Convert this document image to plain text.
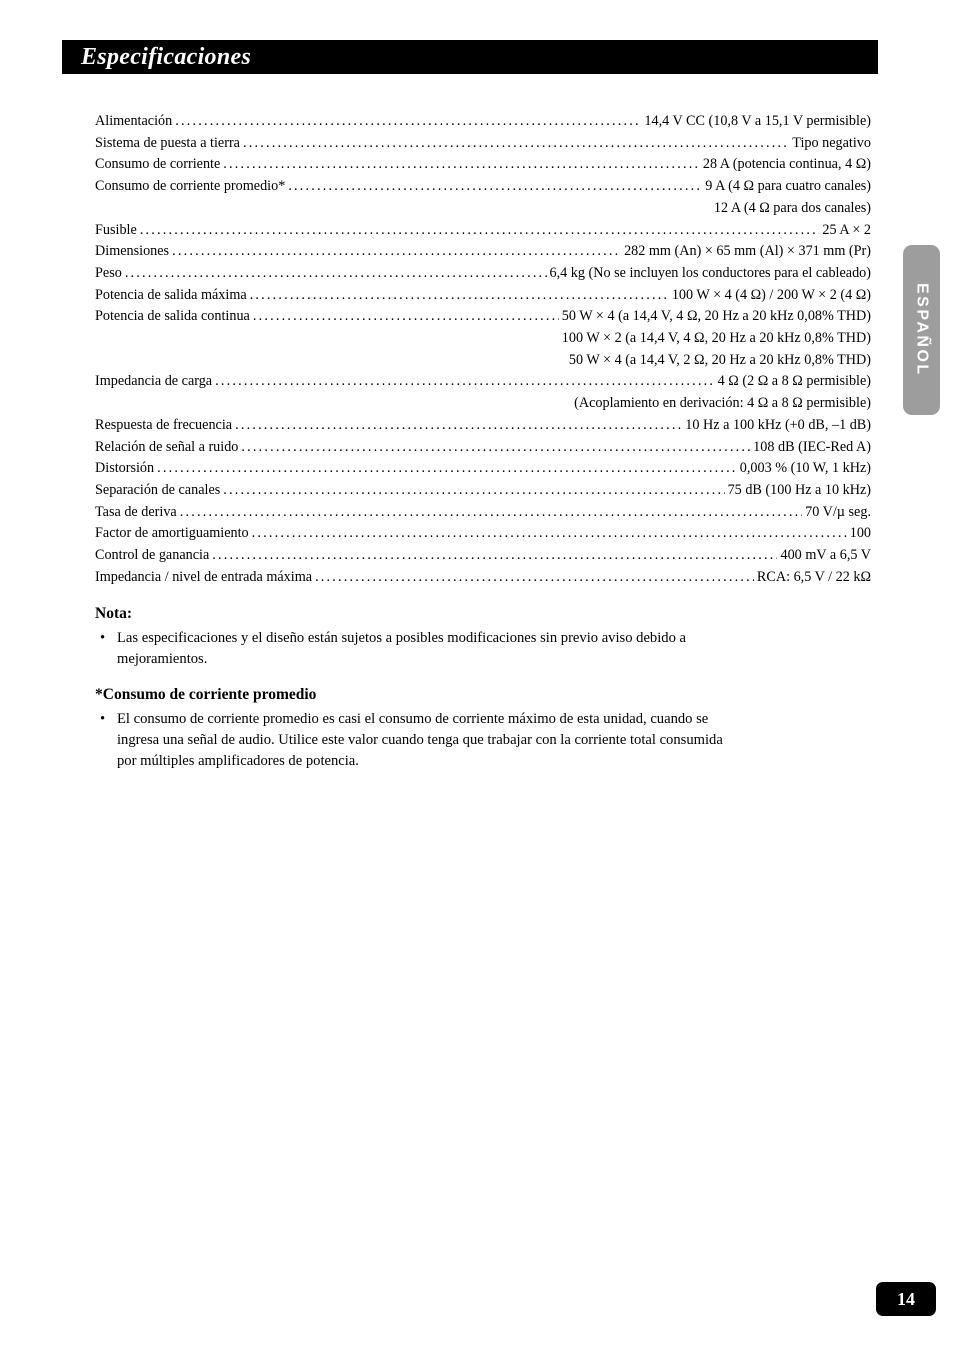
Especificaciones
Alimentación .....	14,4 V CC (10,8 V a 15,1 V permisible)
Sistema de puesta a tierra .....	Tipo negativo
Consumo de corriente .....	28 A (potencia continua, 4 Ω)
Consumo de corriente promedio* .....	9 A (4 Ω para cuatro canales)
12 A (4 Ω para dos canales)
Fusible .....	25 A × 2
Dimensiones .....	282 mm (An) × 65 mm (Al) × 371 mm (Pr)
Peso .....	6,4 kg (No se incluyen los conductores para el cableado)
Potencia de salida máxima .....	100 W × 4 (4 Ω) / 200 W × 2 (4 Ω)
Potencia de salida continua .....	50 W × 4 (a 14,4 V, 4 Ω, 20 Hz a 20 kHz 0,08% THD)
100 W × 2 (a 14,4 V, 4 Ω, 20 Hz a 20 kHz 0,8% THD)
50 W × 4 (a 14,4 V, 2 Ω, 20 Hz a 20 kHz 0,8% THD)
Impedancia de carga .....	4 Ω (2 Ω a 8 Ω permisible)
(Acoplamiento en derivación: 4 Ω a 8 Ω permisible)
Respuesta de frecuencia .....	10 Hz a 100 kHz (+0 dB, –1 dB)
Relación de señal a ruido .....	108 dB (IEC-Red A)
Distorsión .....	0,003 % (10 W, 1 kHz)
Separación de canales .....	75 dB (100 Hz a 10 kHz)
Tasa de deriva .....	70 V/µ seg.
Factor de amortiguamiento .....	100
Control de ganancia .....	400 mV a 6,5 V
Impedancia / nivel de entrada máxima .....	RCA: 6,5 V / 22 kΩ
Nota:
• Las especificaciones y el diseño están sujetos a posibles modificaciones sin previo aviso debido a mejoramientos.
*Consumo de corriente promedio
• El consumo de corriente promedio es casi el consumo de corriente máximo de esta unidad, cuando se ingresa una señal de audio. Utilice este valor cuando tenga que trabajar con la corriente total consumida por múltiples amplificadores de potencia.
ESPAÑOL
14
